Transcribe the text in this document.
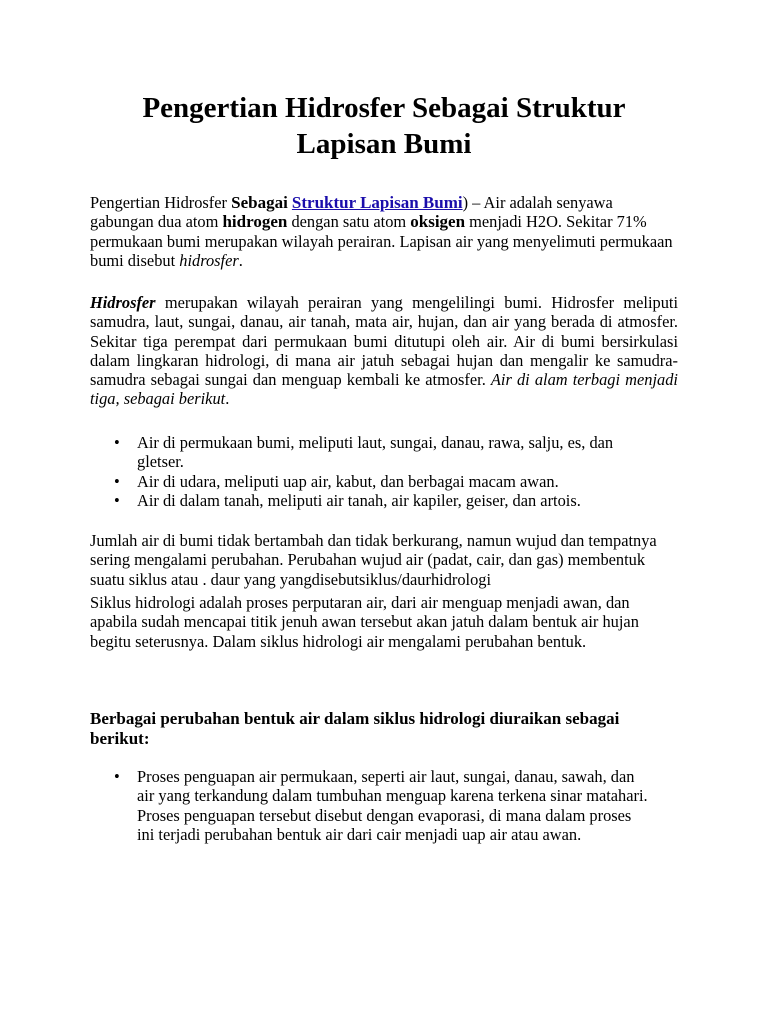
Pengertian Hidrosfer Sebagai Struktur
Lapisan Bumi

Pengertian Hidrosfer Sebagai Struktur Lapisan Bumi) – Air adalah senyawa gabungan dua atom hidrogen dengan satu atom oksigen menjadi H2O. Sekitar 71% permukaan bumi merupakan wilayah perairan. Lapisan air yang menyelimuti permukaan bumi disebut hidrosfer.

Hidrosfer merupakan wilayah perairan yang mengelilingi bumi. Hidrosfer meliputi samudra, laut, sungai, danau, air tanah, mata air, hujan, dan air yang berada di atmosfer. Sekitar tiga perempat dari permukaan bumi ditutupi oleh air. Air di bumi bersirkulasi dalam lingkaran hidrologi, di mana air jatuh sebagai hujan dan mengalir ke samudra-samudra sebagai sungai dan menguap kembali ke atmosfer. Air di alam terbagi menjadi tiga, sebagai berikut.

• Air di permukaan bumi, meliputi laut, sungai, danau, rawa, salju, es, dan gletser.
• Air di udara, meliputi uap air, kabut, dan berbagai macam awan.
• Air di dalam tanah, meliputi air tanah, air kapiler, geiser, dan artois.

Jumlah air di bumi tidak bertambah dan tidak berkurang, namun wujud dan tempatnya sering mengalami perubahan. Perubahan wujud air (padat, cair, dan gas) membentuk suatu siklus atau . daur yang yangdisebutsiklus/daurhidrologi

Siklus hidrologi adalah proses perputaran air, dari air menguap menjadi awan, dan apabila sudah mencapai titik jenuh awan tersebut akan jatuh dalam bentuk air hujan begitu seterusnya. Dalam siklus hidrologi air mengalami perubahan bentuk.

Berbagai perubahan bentuk air dalam siklus hidrologi diuraikan sebagai berikut:

• Proses penguapan air permukaan, seperti air laut, sungai, danau, sawah, dan air yang terkandung dalam tumbuhan menguap karena terkena sinar matahari. Proses penguapan tersebut disebut dengan evaporasi, di mana dalam proses ini terjadi perubahan bentuk air dari cair menjadi uap air atau awan.
